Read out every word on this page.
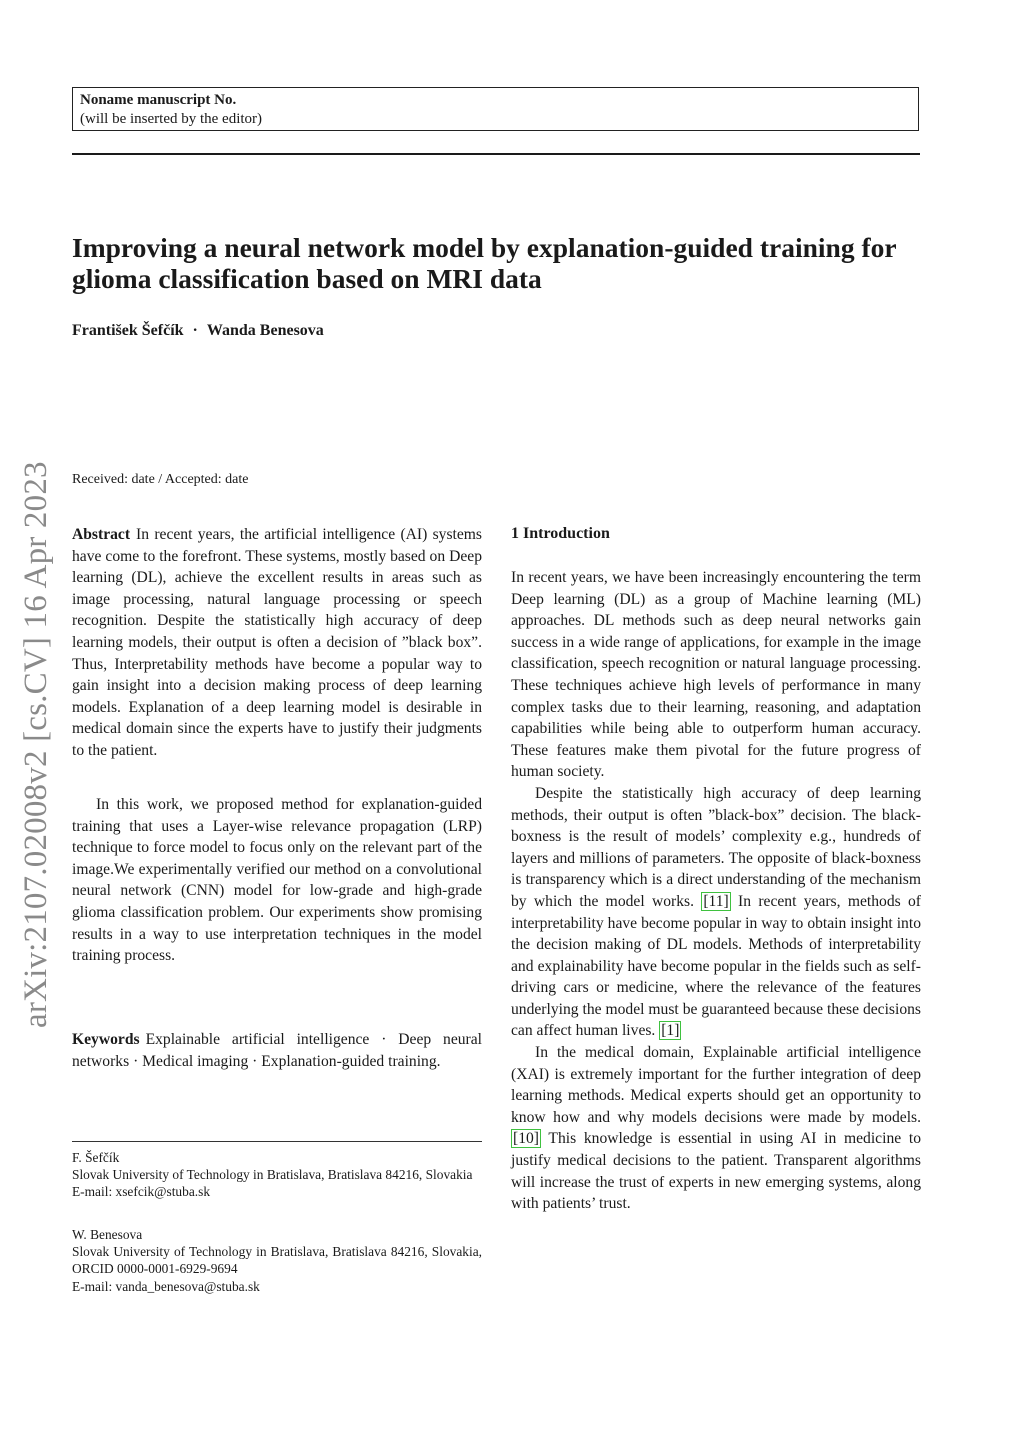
Noname manuscript No.
(will be inserted by the editor)
Improving a neural network model by explanation-guided training for glioma classification based on MRI data
František Šefčík · Wanda Benesova
arXiv:2107.02008v2 [cs.CV] 16 Apr 2023 Received: date / Accepted: date

Abstract In recent years, the artificial intelligence (AI) systems have come to the forefront. These systems, mostly based on Deep learning (DL), achieve the excellent results in areas such as image processing, natural language processing or speech recognition. Despite the statistically high accuracy of deep learning models, their output is often a decision of ”black box”. Thus, Interpretability methods have become a popular way to gain insight into a decision making process of deep learning models. Explanation of a deep learning model is desirable in medical domain since the experts have to justify their judgments to the patient.

In this work, we proposed method for explanation-guided training that uses a Layer-wise relevance propagation (LRP) technique to force model to focus only on the relevant part of the image.We experimentally verified our method on a convolutional neural network (CNN) model for low-grade and high-grade glioma classification problem. Our experiments show promising results in a way to use interpretation techniques in the model training process.

Keywords Explainable artificial intelligence · Deep neural networks · Medical imaging · Explanation-guided training.

F. Šefčík
Slovak University of Technology in Bratislava, Bratislava 84216, Slovakia
E-mail: xsefcik@stuba.sk
W. Benesova
Slovak University of Technology in Bratislava, Bratislava 84216, Slovakia, ORCID 0000-0001-6929-9694
E-mail: vanda_benesova@stuba.sk
1 Introduction

In recent years, we have been increasingly encountering the term Deep learning (DL) as a group of Machine learning (ML) approaches. DL methods such as deep neural networks gain success in a wide range of applications, for example in the image classification, speech recognition or natural language processing. These techniques achieve high levels of performance in many complex tasks due to their learning, reasoning, and adaptation capabilities while being able to outperform human accuracy. These features make them pivotal for the future progress of human society.

Despite the statistically high accuracy of deep learning methods, their output is often ”black-box” decision. The black-boxness is the result of models’ complexity e.g., hundreds of layers and millions of parameters. The opposite of black-boxness is transparency which is a direct understanding of the mechanism by which the model works. [11] In recent years, methods of interpretability have become popular in way to obtain insight into the decision making of DL models. Methods of interpretability and explainability have become popular in the fields such as self-driving cars or medicine, where the relevance of the features underlying the model must be guaranteed because these decisions can affect human lives. [1]

In the medical domain, Explainable artificial intelligence (XAI) is extremely important for the further integration of deep learning methods. Medical experts should get an opportunity to know how and why models decisions were made by models. [10] This knowledge is essential in using AI in medicine to justify medical decisions to the patient. Transparent algorithms will increase the trust of experts in new emerging systems, along with patients’ trust.
